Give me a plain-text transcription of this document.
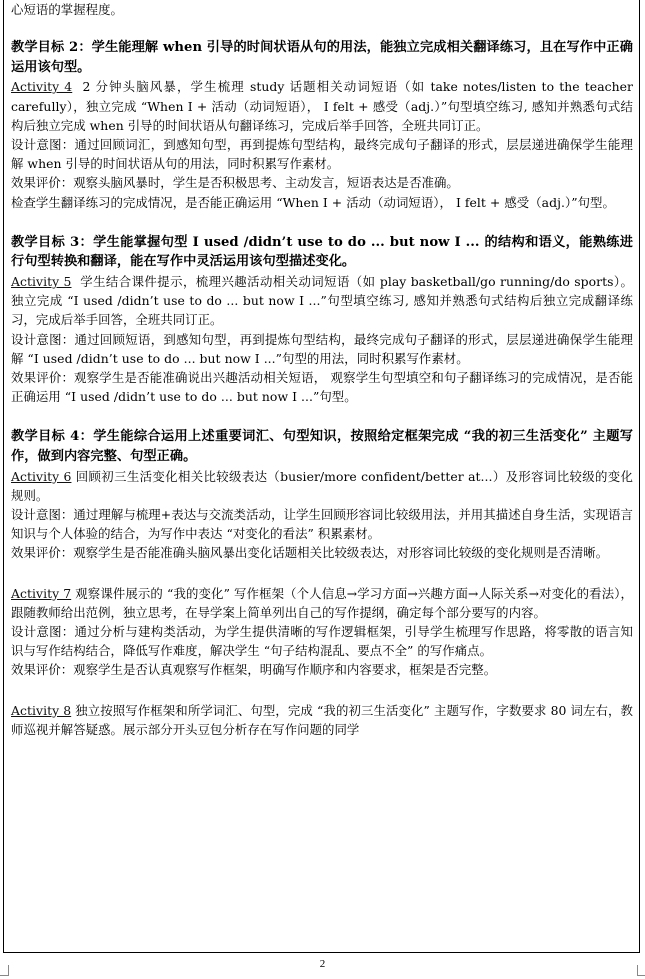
心短语的掌握程度。

教学目标 2：学生能理解 when 引导的时间状语从句的用法，能独立完成相关翻译练习，且在写作中正确运用该句型。

Activity 4 2 分钟头脑风暴，学生梳理 study 话题相关动词短语（如 take notes/listen to the teacher carefully），独立完成 “When I + 活动（动词短语）， I felt + 感受（adj.）”句型填空练习, 感知并熟悉句式结构后独立完成 when 引导的时间状语从句翻译练习，完成后举手回答，全班共同订正。

设计意图：通过回顾词汇，到感知句型，再到提炼句型结构，最终完成句子翻译的形式，层层递进确保学生能理解 when 引导的时间状语从句的用法，同时积累写作素材。

效果评价：观察头脑风暴时，学生是否积极思考、主动发言，短语表达是否准确。

检查学生翻译练习的完成情况，是否能正确运用 “When I + 活动（动词短语）， I felt + 感受（adj.）”句型。

教学目标 3：学生能掌握句型 I used /didn’t use to do ... but now I ... 的结构和语义，能熟练进行句型转换和翻译，能在写作中灵活运用该句型描述变化。

Activity 5 学生结合课件提示，梳理兴趣活动相关动词短语（如 play basketball/go running/do sports）。 独立完成 “I used /didn’t use to do ... but now I ...”句型填空练习, 感知并熟悉句式结构后独立完成翻译练习，完成后举手回答，全班共同订正。

设计意图：通过回顾短语，到感知句型，再到提炼句型结构，最终完成句子翻译的形式，层层递进确保学生能理解 “I used /didn’t use to do ... but now I ...”句型的用法，同时积累写作素材。

效果评价：观察学生是否能准确说出兴趣活动相关短语， 观察学生句型填空和句子翻译练习的完成情况，是否能正确运用 “I used /didn’t use to do ... but now I ...”句型。

教学目标 4：学生能综合运用上述重要词汇、句型知识，按照给定框架完成 “我的初三生活变化” 主题写作，做到内容完整、句型正确。

Activity 6 回顾初三生活变化相关比较级表达（busier/more confident/better at...）及形容词比较级的变化规则。

设计意图：通过理解与梳理+表达与交流类活动，让学生回顾形容词比较级用法，并用其描述自身生活，实现语言知识与个人体验的结合，为写作中表达 “对变化的看法” 积累素材。

效果评价：观察学生是否能准确头脑风暴出变化话题相关比较级表达，对形容词比较级的变化规则是否清晰。

Activity 7 观察课件展示的 “我的变化” 写作框架（个人信息→学习方面→兴趣方面→人际关系→对变化的看法），跟随教师给出范例，独立思考，在导学案上简单列出自己的写作提纲，确定每个部分要写的内容。

设计意图：通过分析与建构类活动，为学生提供清晰的写作逻辑框架，引导学生梳理写作思路，将零散的语言知识与写作结构结合，降低写作难度，解决学生 “句子结构混乱、要点不全” 的写作痛点。

效果评价：观察学生是否认真观察写作框架，明确写作顺序和内容要求，框架是否完整。

Activity 8 独立按照写作框架和所学词汇、句型，完成 “我的初三生活变化” 主题写作，字数要求 80 词左右，教师巡视并解答疑惑。展示部分开头豆包分析存在写作问题的同学

2
